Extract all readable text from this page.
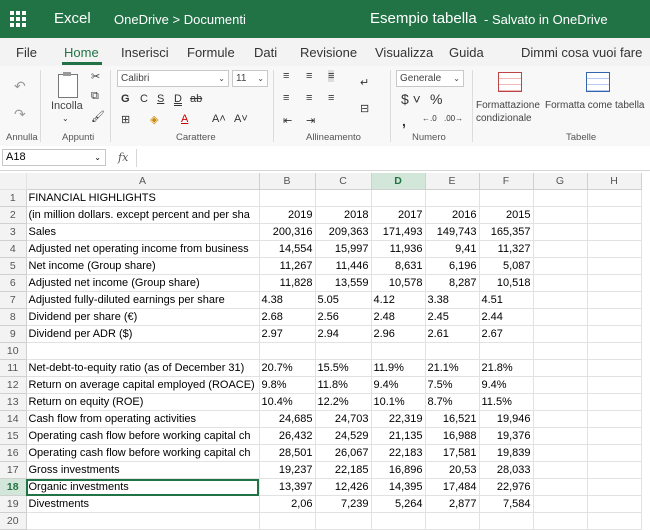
Excel OneDrive > Documenti	Esempio tabella - Salvato in OneDrive
File Home Inserisci Formule Dati Revisione Visualizza Guida	Dimmi cosa vuoi fare
↶
↷
Annulla
Incolla
⌄
✂
⧉
🖌
Appunti
Calibri	⌄	11 ⌄
G C S D ab
⊞ ◈ A A˄ A˅
Carattere
≡ ≡ ≡
≡ ≡ ≡
⇤ ⇥
↵
⊟
Allineamento
Generale ⌄
$ ˅ %
, ←.0 .00→
Numero
Formattazione condizionale
Formatta come tabella
Tabelle
A18	⌄ fx
	A	B	C	D	E	F	G	H
1	FINANCIAL HIGHLIGHTS							
2	(in million dollars. except percent and per sha	2019	2018	2017	2016	2015		
3	Sales	200,316	209,363	171,493	149,743	165,357		
4	Adjusted net operating income from business	14,554	15,997	11,936	9,41	11,327		
5	Net income (Group share)	11,267	11,446	8,631	6,196	5,087		
6	Adjusted net income (Group share)	11,828	13,559	10,578	8,287	10,518		
7	Adjusted fully-diluted earnings per share	4.38	5.05	4.12	3.38	4.51		
8	Dividend per share (€)	2.68	2.56	2.48	2.45	2.44		
9	Dividend per ADR ($)	2.97	2.94	2.96	2.61	2.67		
10								
11	Net-debt-to-equity ratio (as of December 31)	20.7%	15.5%	11.9%	21.1%	21.8%		
12	Return on average capital employed (ROACE)	9.8%	11.8%	9.4%	7.5%	9.4%		
13	Return on equity (ROE)	10.4%	12.2%	10.1%	8.7%	11.5%		
14	Cash flow from operating activities	24,685	24,703	22,319	16,521	19,946		
15	Operating cash flow before working capital ch	26,432	24,529	21,135	16,988	19,376		
16	Operating cash flow before working capital ch	28,501	26,067	22,183	17,581	19,839		
17	Gross investments	19,237	22,185	16,896	20,53	28,033		
18	Organic investments	13,397	12,426	14,395	17,484	22,976		
19	Divestments	2,06	7,239	5,264	2,877	7,584		
20								
